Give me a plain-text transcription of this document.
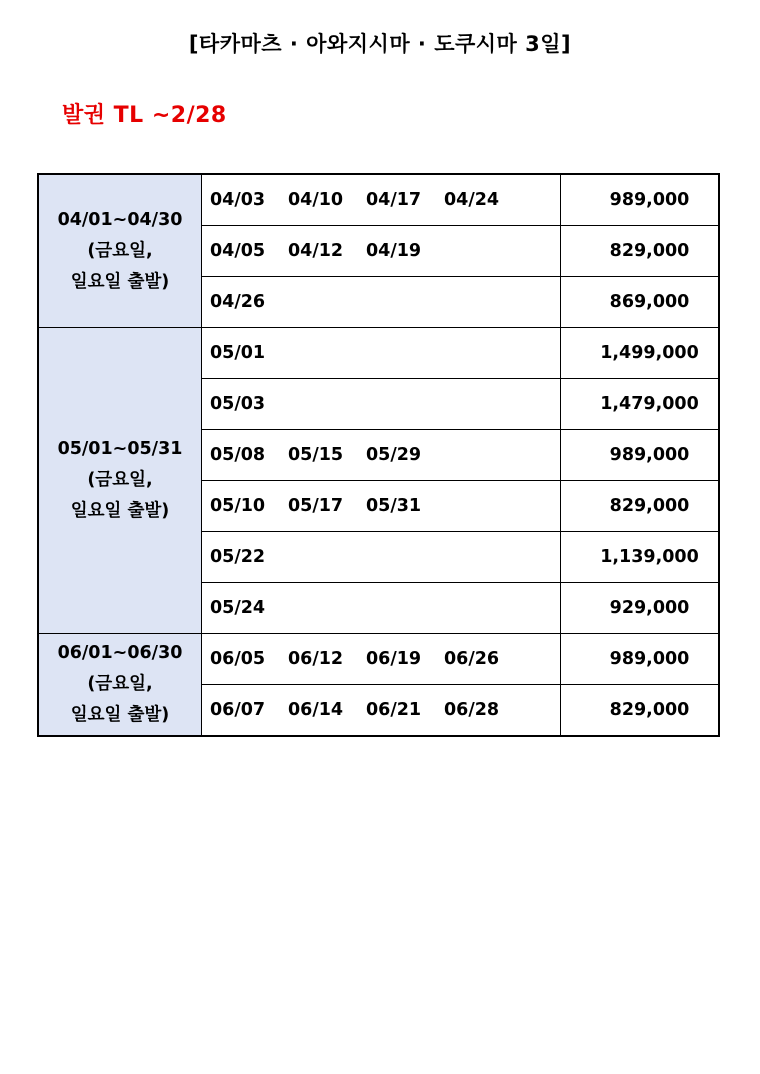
[타카마츠 · 아와지시마 · 도쿠시마 3일]
발권 TL ~2/28
04/01~04/30
(금요일,
일요일 출발)	04/03 04/10 04/17 04/24	989,000
	04/05 04/12 04/19	829,000
	04/26	869,000

05/01~05/31
(금요일,
일요일 출발)	05/01	1,499,000
	05/03	1,479,000
	05/08 05/15 05/29	989,000
	05/10 05/17 05/31	829,000
	05/22	1,139,000
	05/24	929,000

06/01~06/30
(금요일,
일요일 출발)	06/05 06/12 06/19 06/26	989,000
	06/07 06/14 06/21 06/28	829,000
